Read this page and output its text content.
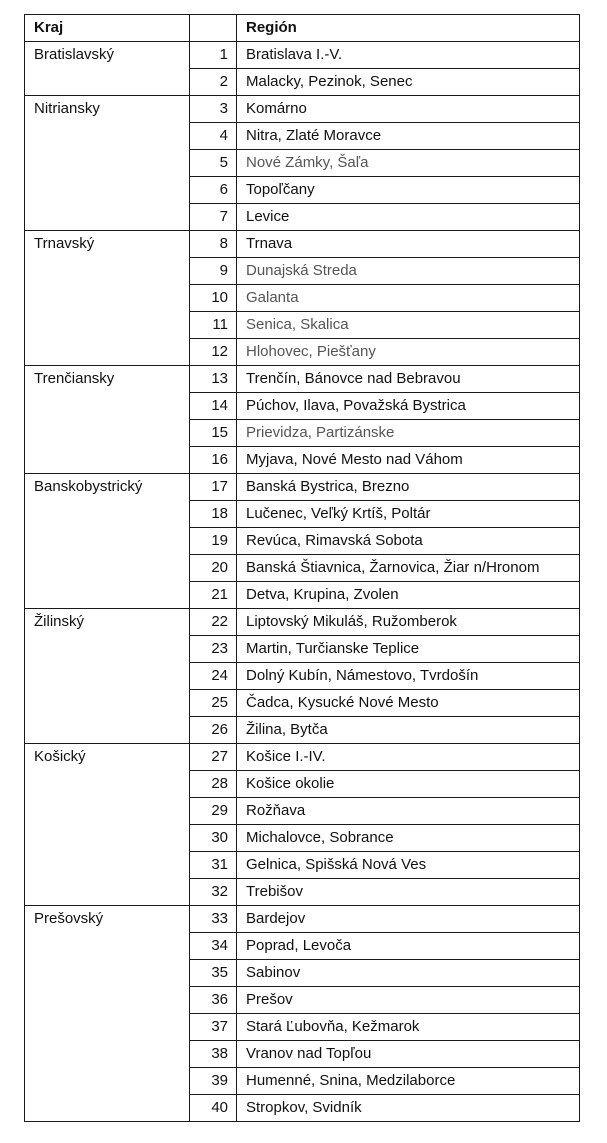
Kraj		Región
Bratislavský	1	Bratislava I.-V.
	2	Malacky, Pezinok, Senec
Nitriansky	3	Komárno
	4	Nitra, Zlaté Moravce
	5	Nové Zámky, Šaľa
	6	Topoľčany
	7	Levice
Trnavský	8	Trnava
	9	Dunajská Streda
	10	Galanta
	11	Senica, Skalica
	12	Hlohovec, Piešťany
Trenčiansky	13	Trenčín, Bánovce nad Bebravou
	14	Púchov, Ilava, Považská Bystrica
	15	Prievidza, Partizánske
	16	Myjava, Nové Mesto nad Váhom
Banskobystrický	17	Banská Bystrica, Brezno
	18	Lučenec, Veľký Krtíš, Poltár
	19	Revúca, Rimavská Sobota
	20	Banská Štiavnica, Žarnovica, Žiar n/Hronom
	21	Detva, Krupina, Zvolen
Žilinský	22	Liptovský Mikuláš, Ružomberok
	23	Martin, Turčianske Teplice
	24	Dolný Kubín, Námestovo, Tvrdošín
	25	Čadca, Kysucké Nové Mesto
	26	Žilina, Bytča
Košický	27	Košice I.-IV.
	28	Košice okolie
	29	Rožňava
	30	Michalovce, Sobrance
	31	Gelnica, Spišská Nová Ves
	32	Trebišov
Prešovský	33	Bardejov
	34	Poprad, Levoča
	35	Sabinov
	36	Prešov
	37	Stará Ľubovňa, Kežmarok
	38	Vranov nad Topľou
	39	Humenné, Snina, Medzilaborce
	40	Stropkov, Svidník
